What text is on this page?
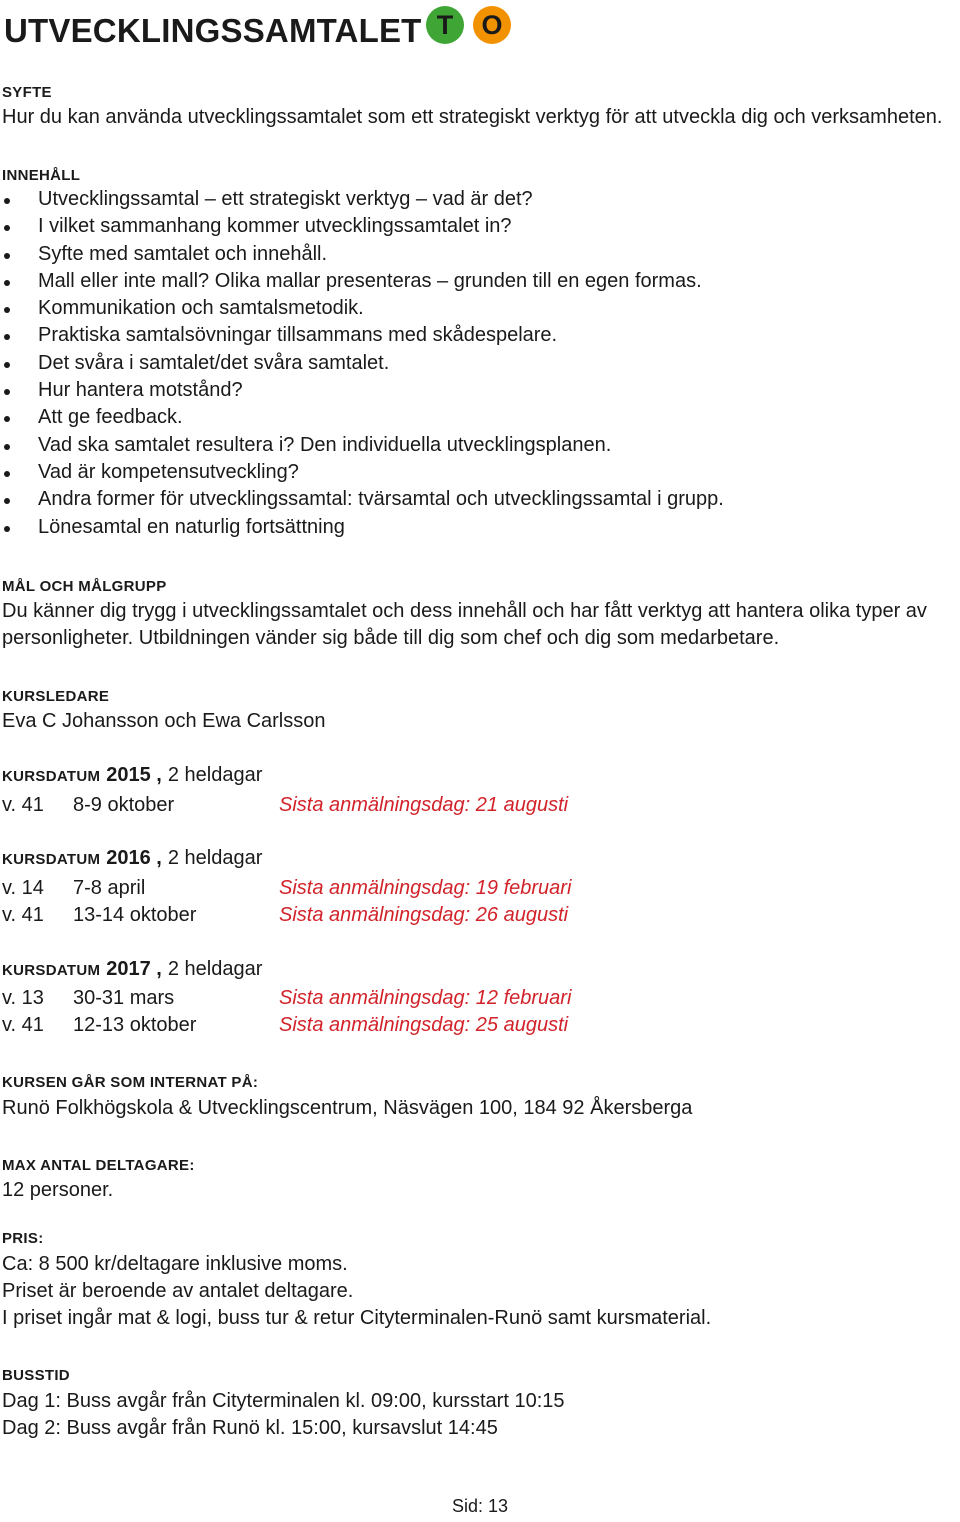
UTVECKLINGSSAMTALET T	O
SYFTE
Hur du kan använda utvecklingssamtalet som ett strategiskt verktyg för att utveckla dig och verksamheten.
INNEHÅLL
Utvecklingssamtal – ett strategiskt verktyg – vad är det?
I vilket sammanhang kommer utvecklingssamtalet in?
Syfte med samtalet och innehåll.
Mall eller inte mall? Olika mallar presenteras – grunden till en egen formas.
Kommunikation och samtalsmetodik.
Praktiska samtalsövningar tillsammans med skådespelare.
Det svåra i samtalet/det svåra samtalet.
Hur hantera motstånd?
Att ge feedback.
Vad ska samtalet resultera i? Den individuella utvecklingsplanen.
Vad är kompetensutveckling?
Andra former för utvecklingssamtal: tvärsamtal och utvecklingssamtal i grupp.
Lönesamtal en naturlig fortsättning
MÅL OCH MÅLGRUPP
Du känner dig trygg i utvecklingssamtalet och dess innehåll och har fått verktyg att hantera olika typer av
personligheter. Utbildningen vänder sig både till dig som chef och dig som medarbetare.
KURSLEDARE
Eva C Johansson och Ewa Carlsson
KURSDATUM 2015 , 2 heldagar
v. 41	8-9 oktober	Sista anmälningsdag: 21 augusti
KURSDATUM 2016 , 2 heldagar
v. 14	7-8 april	Sista anmälningsdag: 19 februari
v. 41	13-14 oktober	Sista anmälningsdag: 26 augusti
KURSDATUM 2017 , 2 heldagar
v. 13	30-31 mars	Sista anmälningsdag: 12 februari
v. 41	12-13 oktober	Sista anmälningsdag: 25 augusti
KURSEN GÅR SOM INTERNAT PÅ:
Runö Folkhögskola & Utvecklingscentrum, Näsvägen 100, 184 92 Åkersberga
MAX ANTAL DELTAGARE:
12 personer.
PRIS:
Ca: 8 500 kr/deltagare inklusive moms.
Priset är beroende av antalet deltagare.
I priset ingår mat & logi, buss tur & retur Cityterminalen-Runö samt kursmaterial.
BUSSTID
Dag 1: Buss avgår från Cityterminalen kl. 09:00, kursstart 10:15
Dag 2: Buss avgår från Runö kl. 15:00, kursavslut 14:45
Sid: 13
